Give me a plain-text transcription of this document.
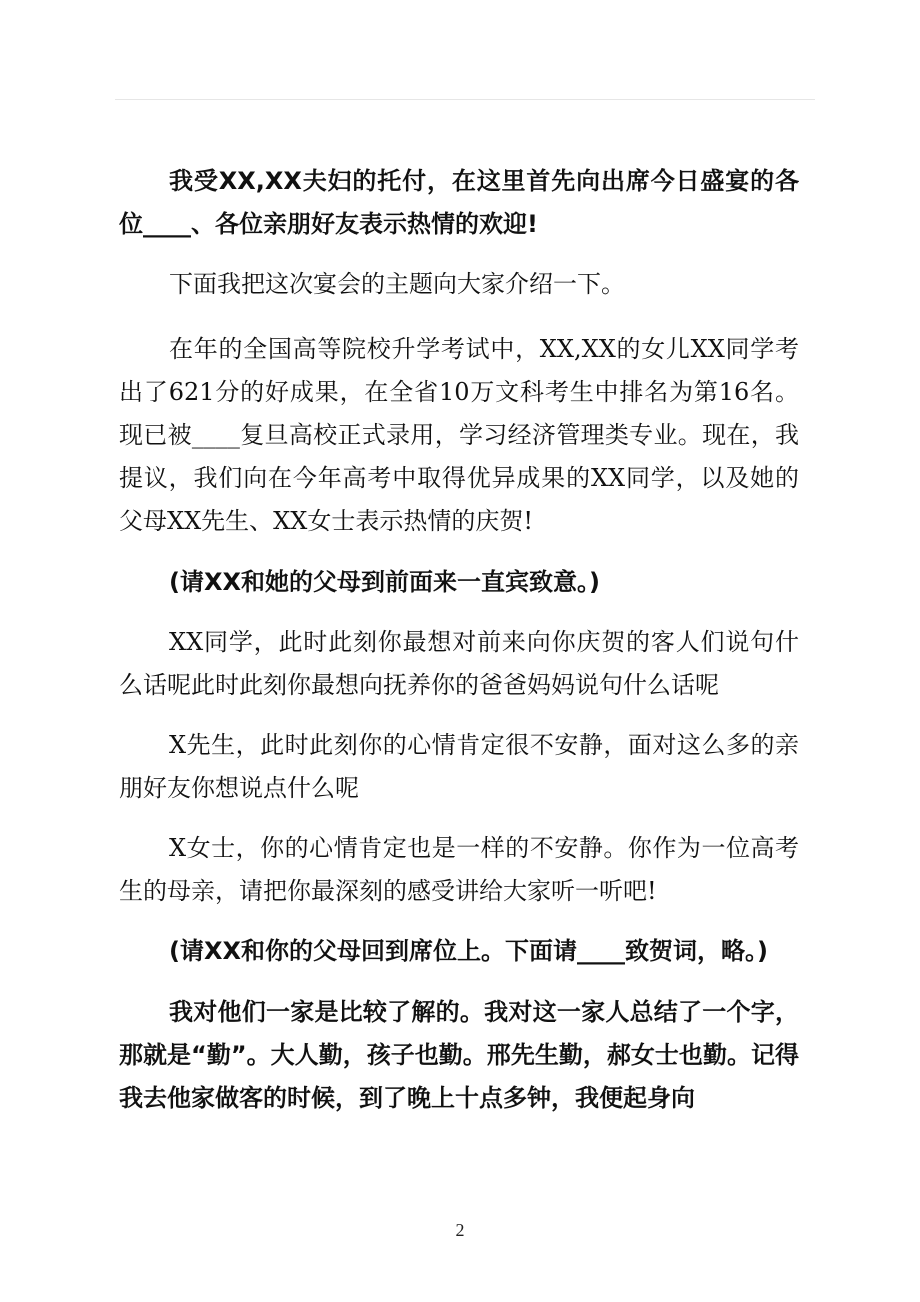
我受XX,XX夫妇的托付，在这里首先向出席今日盛宴的各位____、各位亲朋好友表示热情的欢迎!

下面我把这次宴会的主题向大家介绍一下。

在年的全国高等院校升学考试中，XX,XX的女儿XX同学考出了621分的好成果，在全省10万文科考生中排名为第16名。现已被____复旦高校正式录用，学习经济管理类专业。现在，我提议，我们向在今年高考中取得优异成果的XX同学，以及她的父母XX先生、XX女士表示热情的庆贺!

(请XX和她的父母到前面来一直宾致意。)

XX同学，此时此刻你最想对前来向你庆贺的客人们说句什么话呢此时此刻你最想向抚养你的爸爸妈妈说句什么话呢

X先生，此时此刻你的心情肯定很不安静，面对这么多的亲朋好友你想说点什么呢

X女士，你的心情肯定也是一样的不安静。你作为一位高考生的母亲，请把你最深刻的感受讲给大家听一听吧!

(请XX和你的父母回到席位上。下面请____致贺词，略。)

我对他们一家是比较了解的。我对这一家人总结了一个字，那就是“勤”。大人勤，孩子也勤。邢先生勤，郝女士也勤。记得我去他家做客的时候，到了晚上十点多钟，我便起身向

2
